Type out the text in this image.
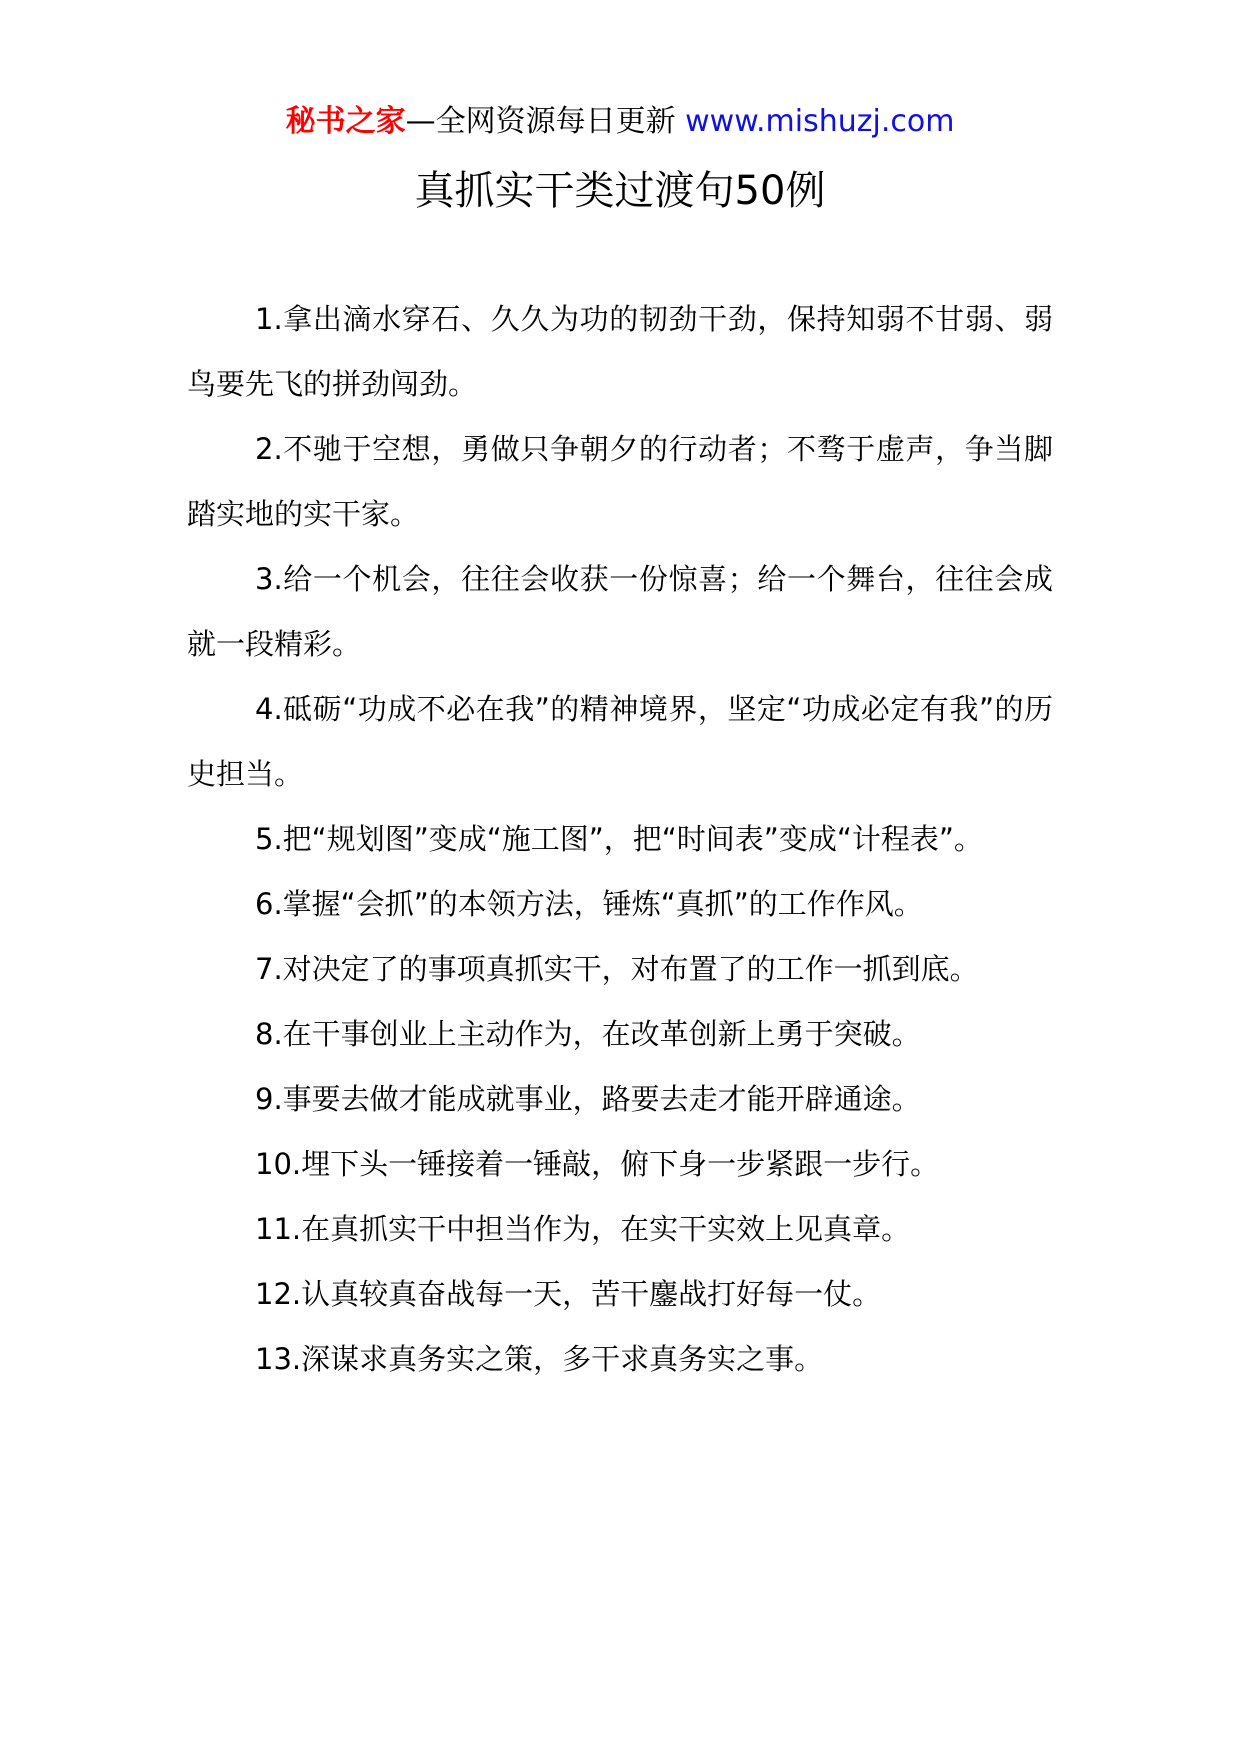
秘书之家—全网资源每日更新 www.mishuzj.com
真抓实干类过渡句50例

1.拿出滴水穿石、久久为功的韧劲干劲，保持知弱不甘弱、弱鸟要先飞的拼劲闯劲。

2.不驰于空想，勇做只争朝夕的行动者；不骛于虚声，争当脚踏实地的实干家。

3.给一个机会，往往会收获一份惊喜；给一个舞台，往往会成就一段精彩。

4.砥砺“功成不必在我”的精神境界，坚定“功成必定有我”的历史担当。

5.把“规划图”变成“施工图”，把“时间表”变成“计程表”。

6.掌握“会抓”的本领方法，锤炼“真抓”的工作作风。

7.对决定了的事项真抓实干，对布置了的工作一抓到底。

8.在干事创业上主动作为，在改革创新上勇于突破。

9.事要去做才能成就事业，路要去走才能开辟通途。

10.埋下头一锤接着一锤敲，俯下身一步紧跟一步行。

11.在真抓实干中担当作为，在实干实效上见真章。

12.认真较真奋战每一天，苦干鏖战打好每一仗。

13.深谋求真务实之策，多干求真务实之事。
